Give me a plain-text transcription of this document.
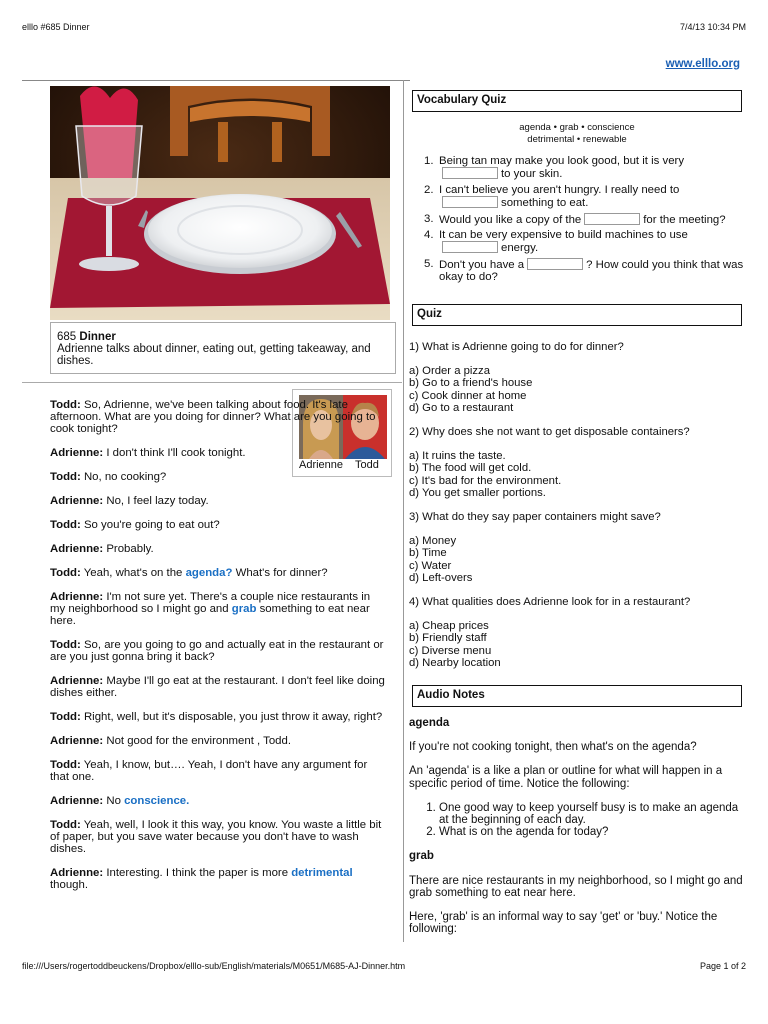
elllo #685 Dinner	7/4/13 10:34 PM
file:///Users/rogertoddbeuckens/Dropbox/elllo-sub/English/materials/M0651/M685-AJ-Dinner.htm	Page 1 of 2
www.elllo.org
685 Dinner
Adrienne talks about dinner, eating out, getting takeaway, and dishes.
Adrienne Todd
Todd: So, Adrienne, we've been talking about food. It's late afternoon. What are you doing for dinner? What are you going to cook tonight?
Adrienne: I don't think I'll cook tonight.
Todd: No, no cooking?
Adrienne: No, I feel lazy today.
Todd: So you're going to eat out?
Adrienne: Probably.
Todd: Yeah, what's on the agenda? What's for dinner?
Adrienne: I'm not sure yet. There's a couple nice restaurants in my neighborhood so I might go and grab something to eat near here.
Todd: So, are you going to go and actually eat in the restaurant or are you just gonna bring it back?
Adrienne: Maybe I'll go eat at the restaurant. I don't feel like doing dishes either.
Todd: Right, well, but it's disposable, you just throw it away, right?
Adrienne: Not good for the environment , Todd.
Todd: Yeah, I know, but…. Yeah, I don't have any argument for that one.
Adrienne: No conscience.
Todd: Yeah, well, I look it this way, you know. You waste a little bit of paper, but you save water because you don't have to wash dishes.
Adrienne: Interesting. I think the paper is more detrimental though.
Vocabulary Quiz
agenda • grab • conscience
detrimental • renewable
1. Being tan may make you look good, but it is very
to your skin.
2. I can't believe you aren't hungry. I really need to
something to eat.
3. Would you like a copy of the	for the meeting?
4. It can be very expensive to build machines to use
energy.
5. Don't you have a	? How could you think that was okay to do?
Quiz
1) What is Adrienne going to do for dinner?
a) Order a pizza
b) Go to a friend's house
c) Cook dinner at home
d) Go to a restaurant
2) Why does she not want to get disposable containers?
a) It ruins the taste.
b) The food will get cold.
c) It's bad for the environment.
d) You get smaller portions.
3) What do they say paper containers might save?
a) Money
b) Time
c) Water
d) Left-overs
4) What qualities does Adrienne look for in a restaurant?
a) Cheap prices
b) Friendly staff
c) Diverse menu
d) Nearby location
Audio Notes
agenda

If you're not cooking tonight, then what's on the agenda?

An 'agenda' is a like a plan or outline for what will happen in a specific period of time. Notice the following:

1. One good way to keep yourself busy is to make an agenda at the beginning of each day.
2. What is on the agenda for today?
grab

There are nice restaurants in my neighborhood, so I might go and grab something to eat near here.

Here, 'grab' is an informal way to say 'get' or 'buy.' Notice the following:
